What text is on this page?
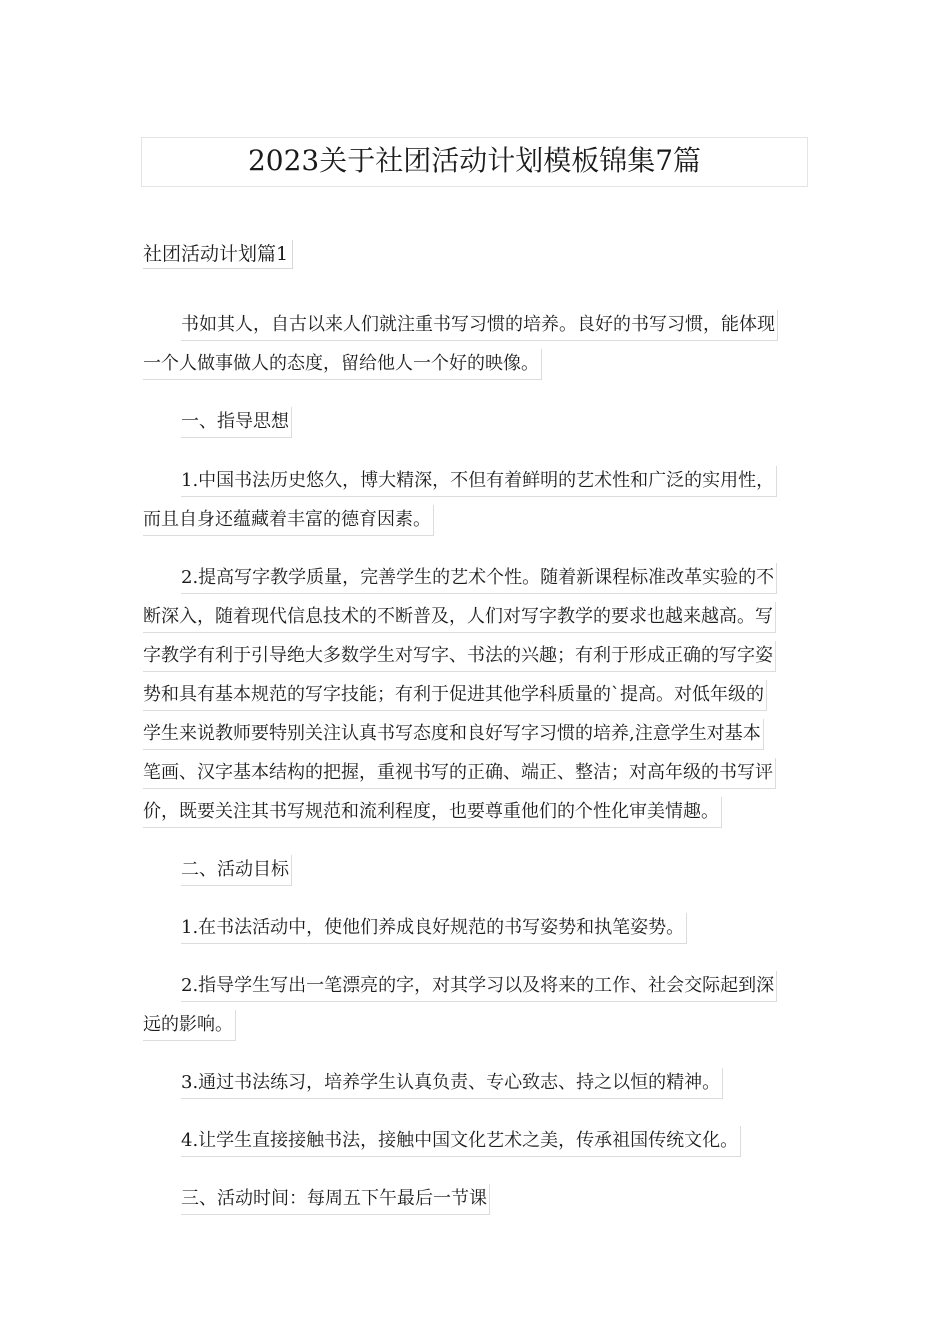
2023关于社团活动计划模板锦集7篇
社团活动计划篇1
书如其人，自古以来人们就注重书写习惯的培养。良好的书写习惯，能体现
一个人做事做人的态度，留给他人一个好的映像。
一、指导思想
1.中国书法历史悠久，博大精深，不但有着鲜明的艺术性和广泛的实用性，
而且自身还蕴藏着丰富的德育因素。
2.提高写字教学质量，完善学生的艺术个性。随着新课程标准改革实验的不
断深入，随着现代信息技术的不断普及，人们对写字教学的要求也越来越高。写
字教学有利于引导绝大多数学生对写字、书法的兴趣；有利于形成正确的写字姿
势和具有基本规范的写字技能；有利于促进其他学科质量的`提高。对低年级的
学生来说教师要特别关注认真书写态度和良好写字习惯的培养,注意学生对基本
笔画、汉字基本结构的把握，重视书写的正确、端正、整洁；对高年级的书写评
价，既要关注其书写规范和流利程度，也要尊重他们的个性化审美情趣。
二、活动目标
1.在书法活动中，使他们养成良好规范的书写姿势和执笔姿势。
2.指导学生写出一笔漂亮的字，对其学习以及将来的工作、社会交际起到深
远的影响。
3.通过书法练习，培养学生认真负责、专心致志、持之以恒的精神。
4.让学生直接接触书法，接触中国文化艺术之美，传承祖国传统文化。
三、活动时间：每周五下午最后一节课
